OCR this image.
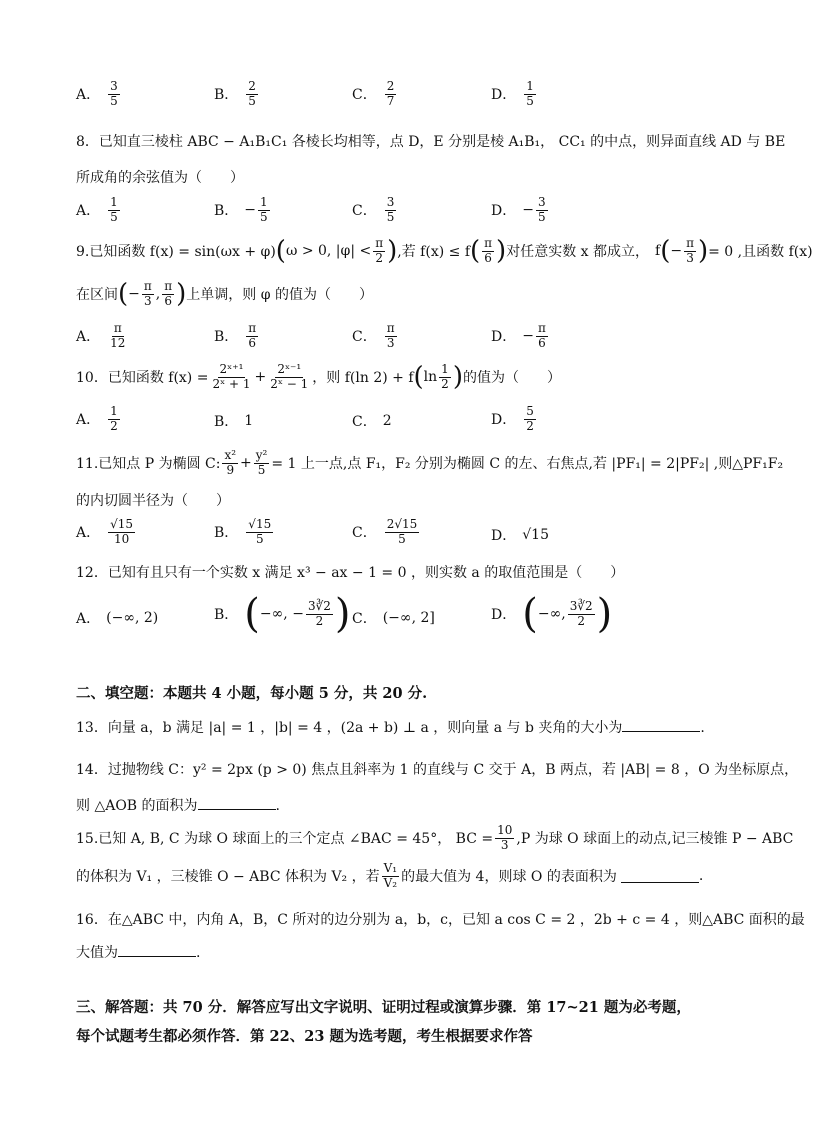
A． $\frac{3}{5}$	B． $\frac{2}{5}$	C． $\frac{2}{7}$	D． $\frac{1}{5}$
8．已知直三棱柱 ABC − A₁B₁C₁ 各棱长均相等，点 D，E 分别是棱 A₁B₁， CC₁ 的中点，则异面直线 AD 与 BE
所成角的余弦值为（　　）
A． $\frac{1}{5}$	B． − $\frac{1}{5}$	C． $\frac{3}{5}$	D． − $\frac{3}{5}$
9.已知函数 f(x) = sin(ωx + φ) ( ω > 0, $|\varphi| < \frac{\pi}{2}$ ) ,若 f(x) ≤ f ( $\frac{\pi}{6}$ ) 对任意实数 x 都成立， f ( − $\frac{\pi}{3}$ ) = 0 ,且函数 f(x)
在区间 ( − $\frac{\pi}{3}$ , $\frac{\pi}{6}$ ) 上单调，则 φ 的值为（　　）
A． $\frac{\pi}{12}$	B． $\frac{\pi}{6}$	C． $\frac{\pi}{3}$	D． − $\frac{\pi}{6}$
10．已知函数 $f(x) = \frac{\text{2ˣ⁺¹}}{\text{2ˣ + 1}} + \frac{\text{2ˣ⁻¹}}{\text{2ˣ − 1}}$ ，则 f(ln 2) + f ( $\ln \frac{1}{2}$ ) 的值为（　　）
A． $\frac{1}{2}$	B． 1	C． 2	D． $\frac{5}{2}$
11.已知点 P 为椭圆 C: $\frac{\text{x²}}{9} + \frac{\text{y²}}{5} = 1$ 上一点,点 F₁，F₂ 分别为椭圆 C 的左、右焦点,若 |PF₁| = 2|PF₂| ,则△PF₁F₂
的内切圆半径为（　　）
A． $\frac{√15}{10}$	B． $\frac{√15}{5}$	C． $\frac{2√15}{5}$	D． √15
12．已知有且只有一个实数 x 满足 x³ − ax − 1 = 0 ，则实数 a 的取值范围是（　　）
A． (−∞, 2)	B． ( −∞, − $\frac{3∛2}{2}$ ) C． (−∞, 2]	D． ( −∞, $\frac{3∛2}{2}$ )
二、填空题：本题共 4 小题，每小题 5 分，共 20 分.
13．向量 a，b 满足 |a| = 1 ，|b| = 4 ，(2a + b) ⊥ a ，则向量 a 与 b 夹角的大小为	.
14．过抛物线 C：y² = 2px (p > 0) 焦点且斜率为 1 的直线与 C 交于 A，B 两点，若 |AB| = 8 ，O 为坐标原点，
则 △AOB 的面积为	.
15.已知 A, B, C 为球 O 球面上的三个定点 ∠BAC = 45°， BC = $\frac{10}{3} ,P$ 为球 O 球面上的动点,记三棱锥 P − ABC
的体积为 V₁ ，三棱锥 O − ABC 体积为 V₂ ，若 $\frac{\text{V₁}}{\text{V₂}}$ 的最大值为 4，则球 O 的表面积为	.
16．在△ABC 中，内角 A，B，C 所对的边分别为 a，b，c，已知 a cos C = 2 ，2b + c = 4 ，则△ABC 面积的最
大值为	.
三、解答题：共 70 分．解答应写出文字说明、证明过程或演算步骤．第 17~21 题为必考题，
每个试题考生都必须作答．第 22、23 题为选考题，考生根据要求作答
